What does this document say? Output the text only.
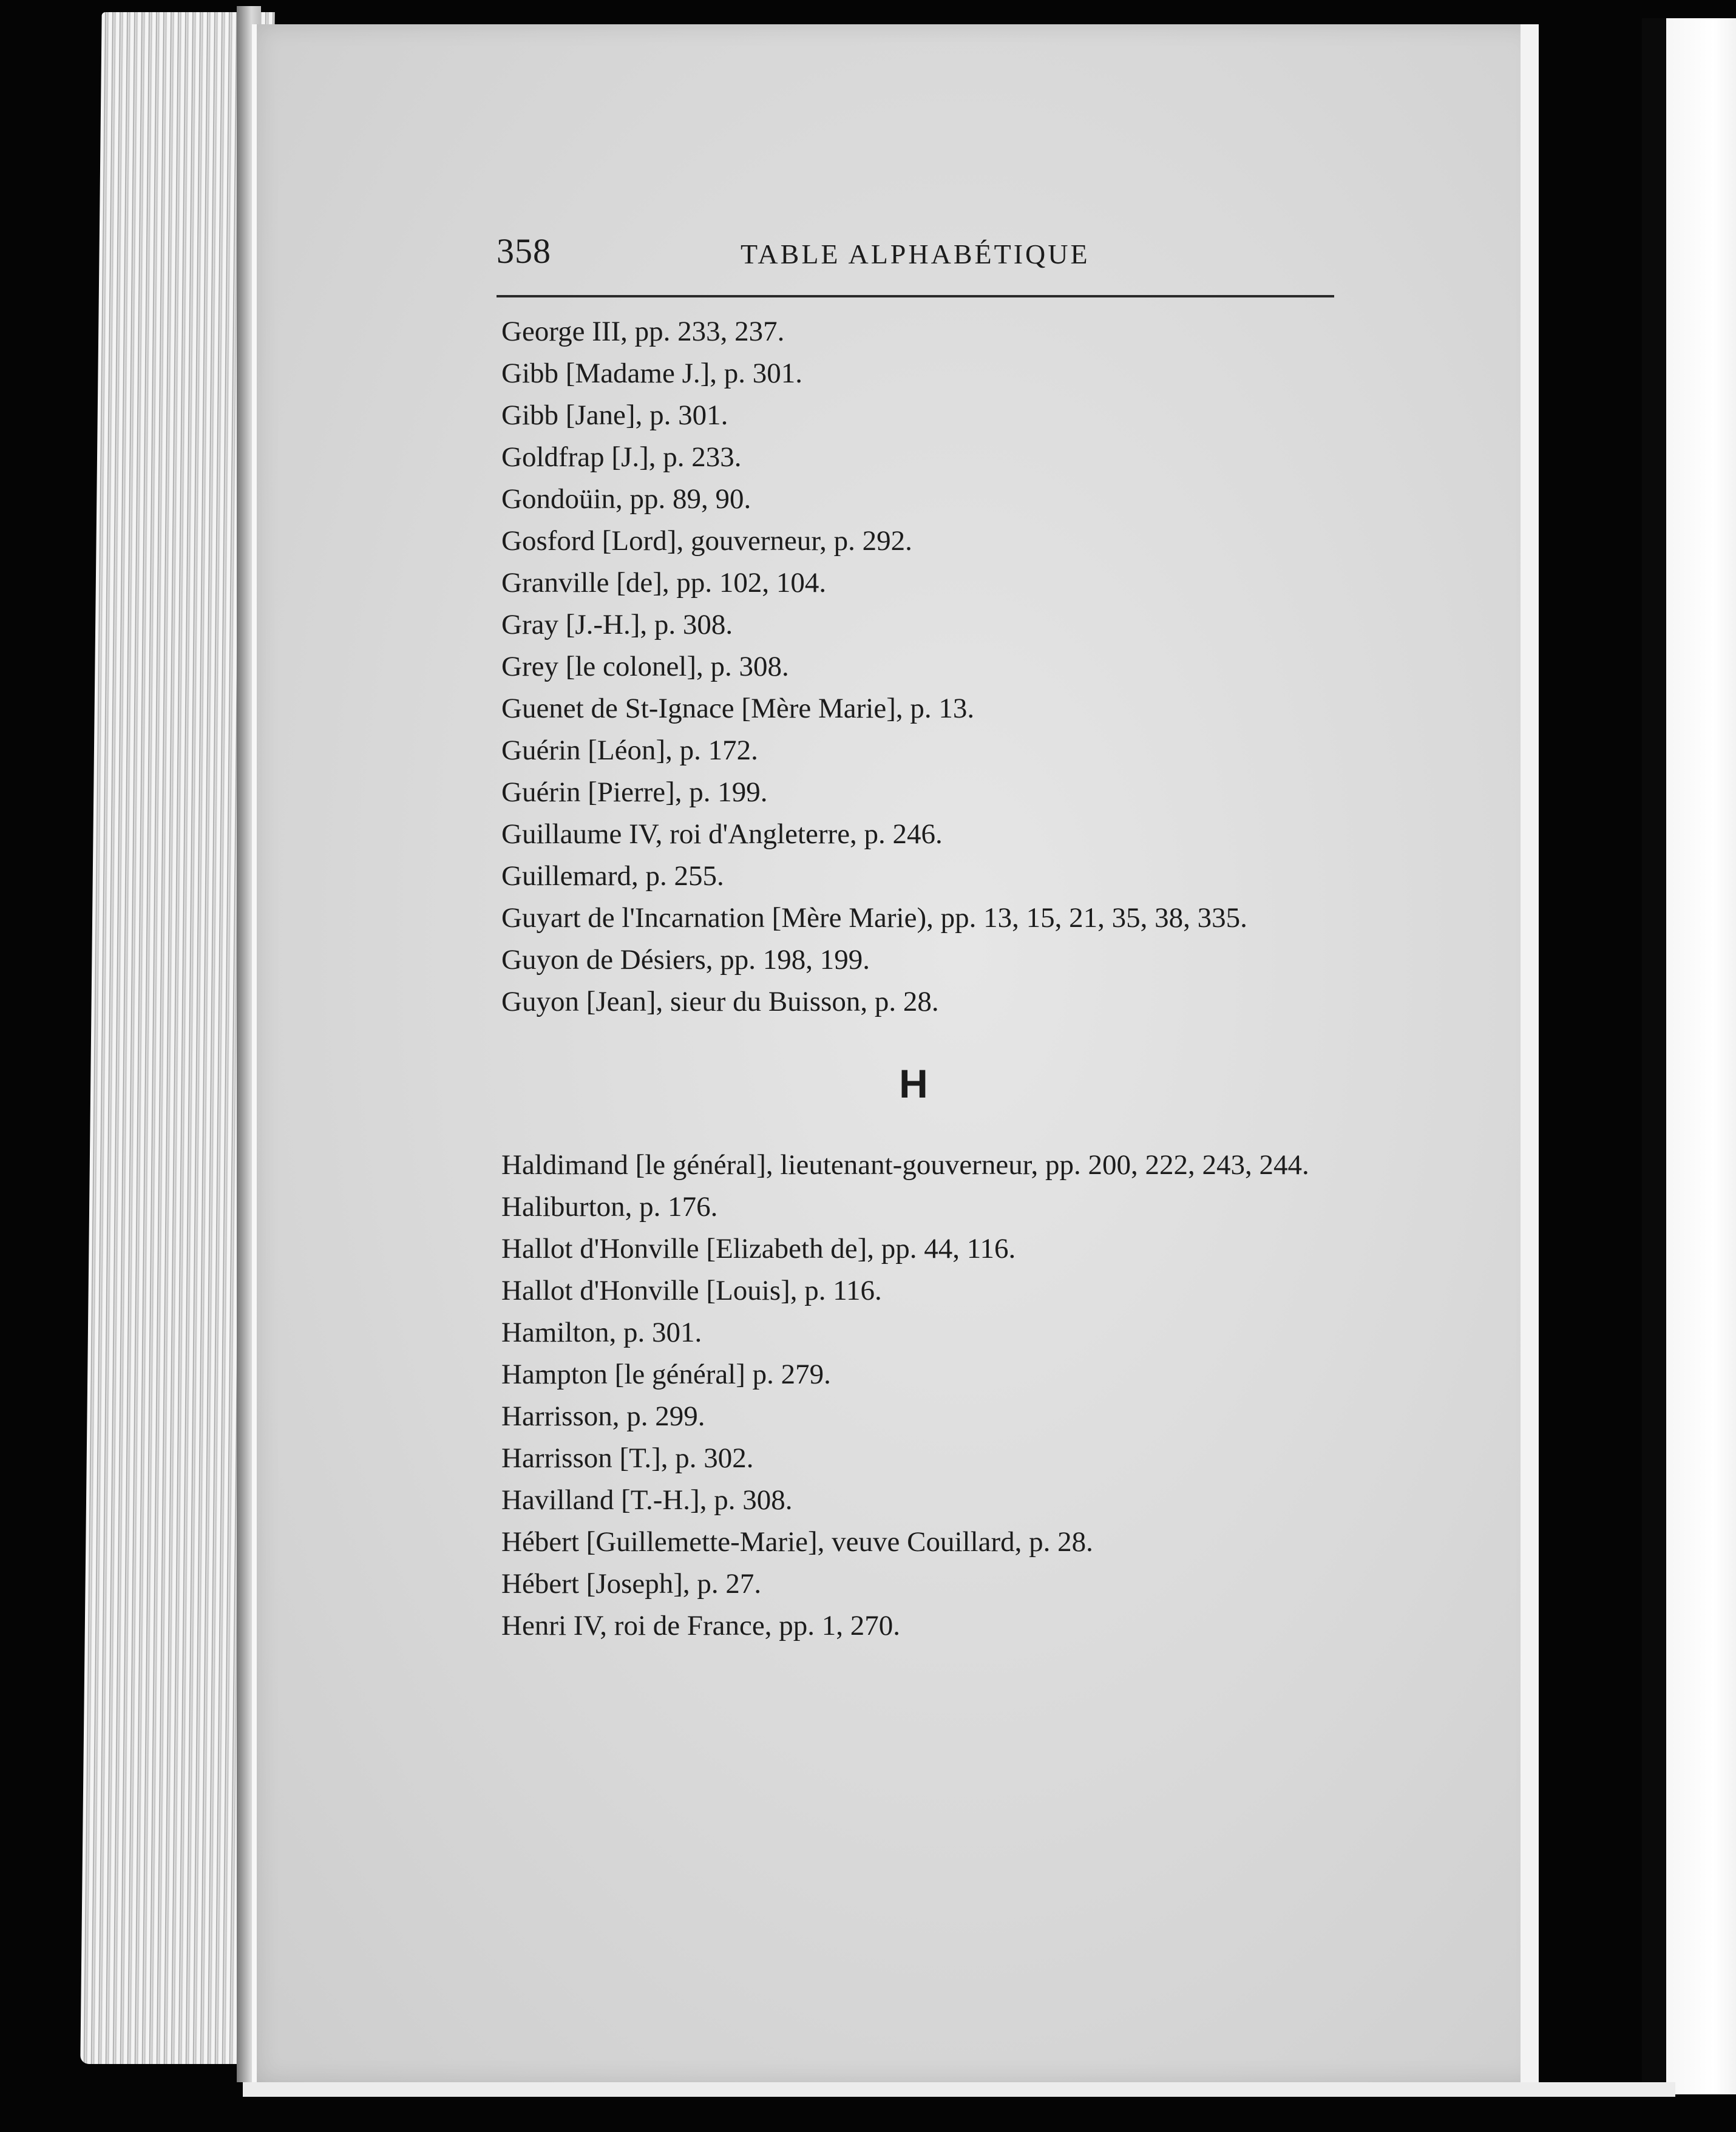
358	TABLE ALPHABÉTIQUE
George III, pp. 233, 237.
Gibb [Madame J.], p. 301.
Gibb [Jane], p. 301.
Goldfrap [J.], p. 233.
Gondoüin, pp. 89, 90.
Gosford [Lord], gouverneur, p. 292.
Granville [de], pp. 102, 104.
Gray [J.-H.], p. 308.
Grey [le colonel], p. 308.
Guenet de St-Ignace [Mère Marie], p. 13.
Guérin [Léon], p. 172.
Guérin [Pierre], p. 199.
Guillaume IV, roi d'Angleterre, p. 246.
Guillemard, p. 255.
Guyart de l'Incarnation [Mère Marie), pp. 13, 15, 21, 35, 38, 335.
Guyon de Désiers, pp. 198, 199.
Guyon [Jean], sieur du Buisson, p. 28.
H
Haldimand [le général], lieutenant-gouverneur, pp. 200, 222, 243, 244.
Haliburton, p. 176.
Hallot d'Honville [Elizabeth de], pp. 44, 116.
Hallot d'Honville [Louis], p. 116.
Hamilton, p. 301.
Hampton [le général] p. 279.
Harrisson, p. 299.
Harrisson [T.], p. 302.
Havilland [T.-H.], p. 308.
Hébert [Guillemette-Marie], veuve Couillard, p. 28.
Hébert [Joseph], p. 27.
Henri IV, roi de France, pp. 1, 270.
